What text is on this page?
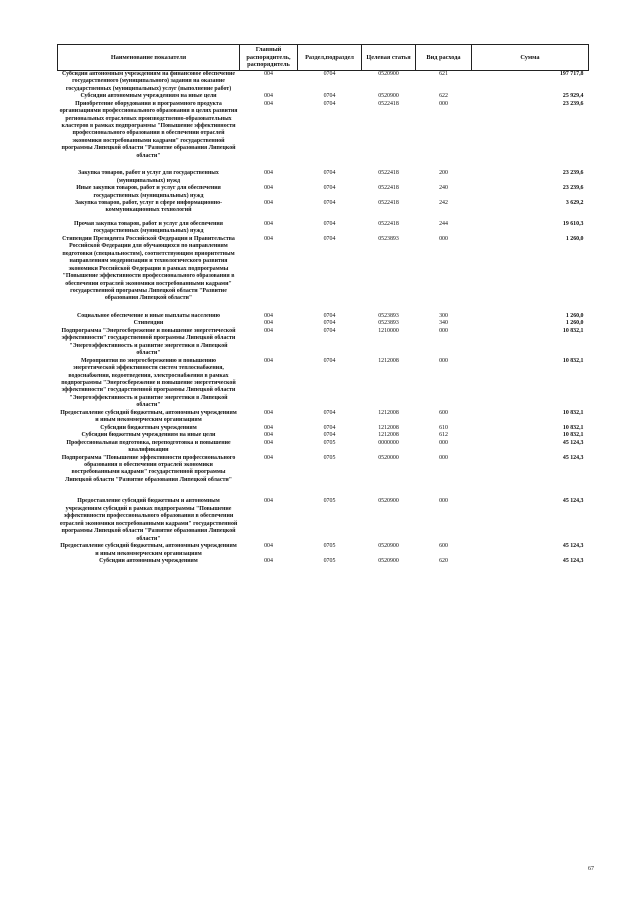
Наименование показателя	Главный распорядитель, распорядитель	Раздел,подраздел	Целевая статья	Вид расхода	Сумма
Субсидии автономным учреждениям на финансовое обеспечение государственного (муниципального) задания на оказание государственных (муниципальных) услуг (выполнение работ)	004	0704	0520900	621	197 717,8
Субсидии автономным учреждениям на иные цели	004	0704	0520900	622	25 929,4
Приобретение оборудования и программного продукта организациями профессионального образования в целях развития региональных отраслевых производственно-образовательных кластеров в рамках подпрограммы "Повышение эффективности профессионального образования в обеспечении отраслей экономики востребованными кадрами" государственной программы Липецкой области "Развитие образования Липецкой области"	004	0704	0522418	000	23 239,6
Закупка товаров, работ и услуг для государственных (муниципальных) нужд	004	0704	0522418	200	23 239,6
Иные закупки товаров, работ и услуг для обеспечения государственных (муниципальных) нужд	004	0704	0522418	240	23 239,6
Закупка товаров, работ, услуг в сфере информационно-коммуникационных технологий	004	0704	0522418	242	3 629,2
Прочая закупка товаров, работ и услуг для обеспечения государственных (муниципальных) нужд	004	0704	0522418	244	19 610,3
Стипендии Президента Российской Федерации и Правительства Российской Федерации для обучающихся по направлениям подготовки (специальностям), соответствующим приоритетным направлениям модернизации и технологического развития экономики Российской Федерации в рамках подпрограммы "Повышение эффективности профессионального образования в обеспечении отраслей экономики востребованными кадрами" государственной программы Липецкой области "Развитие образования Липецкой области"	004	0704	0523893	000	1 260,0
Социальное обеспечение и иные выплаты населению	004	0704	0523893	300	1 260,0
Стипендии	004	0704	0523893	340	1 260,0
Подпрограмма "Энергосбережение и повышение энергетической эффективности" государственной программы Липецкой области "Энергоэффективность и развитие энергетики в Липецкой области"	004	0704	1210000	000	10 832,1
Мероприятия по энергосбережению и повышению энергетической эффективности систем теплоснабжения, водоснабжения, водоотведения, электроснабжения в рамках подпрограммы "Энергосбережение и повышение энергетической эффективности" государственной программы Липецкой области "Энергоэффективность и развитие энергетики в Липецкой области"	004	0704	1212008	000	10 832,1
Предоставление субсидий бюджетным, автономным учреждениям и иным некоммерческим организациям	004	0704	1212008	600	10 832,1
Субсидии бюджетным учреждениям	004	0704	1212008	610	10 832,1
Субсидии бюджетным учреждениям на иные цели	004	0704	1212008	612	10 832,1
Профессиональная подготовка, переподготовка и повышение квалификации	004	0705	0000000	000	45 124,3
Подпрограмма "Повышение эффективности профессионального образования в обеспечении отраслей экономики востребованными кадрами" государственной программы Липецкой области "Развитие образования Липецкой области"	004	0705	0520000	000	45 124,3
Предоставление субсидий бюджетным и автономным учреждениям субсидий в рамках подпрограммы "Повышение эффективности профессионального образования в обеспечении отраслей экономики востребованными кадрами" государственной программы Липецкой области "Развитие образования Липецкой области"	004	0705	0520900	000	45 124,3
Предоставление субсидий бюджетным, автономным учреждениям и иным некоммерческим организациям	004	0705	0520900	600	45 124,3
Субсидии автономным учреждениям	004	0705	0520900	620	45 124,3
67
